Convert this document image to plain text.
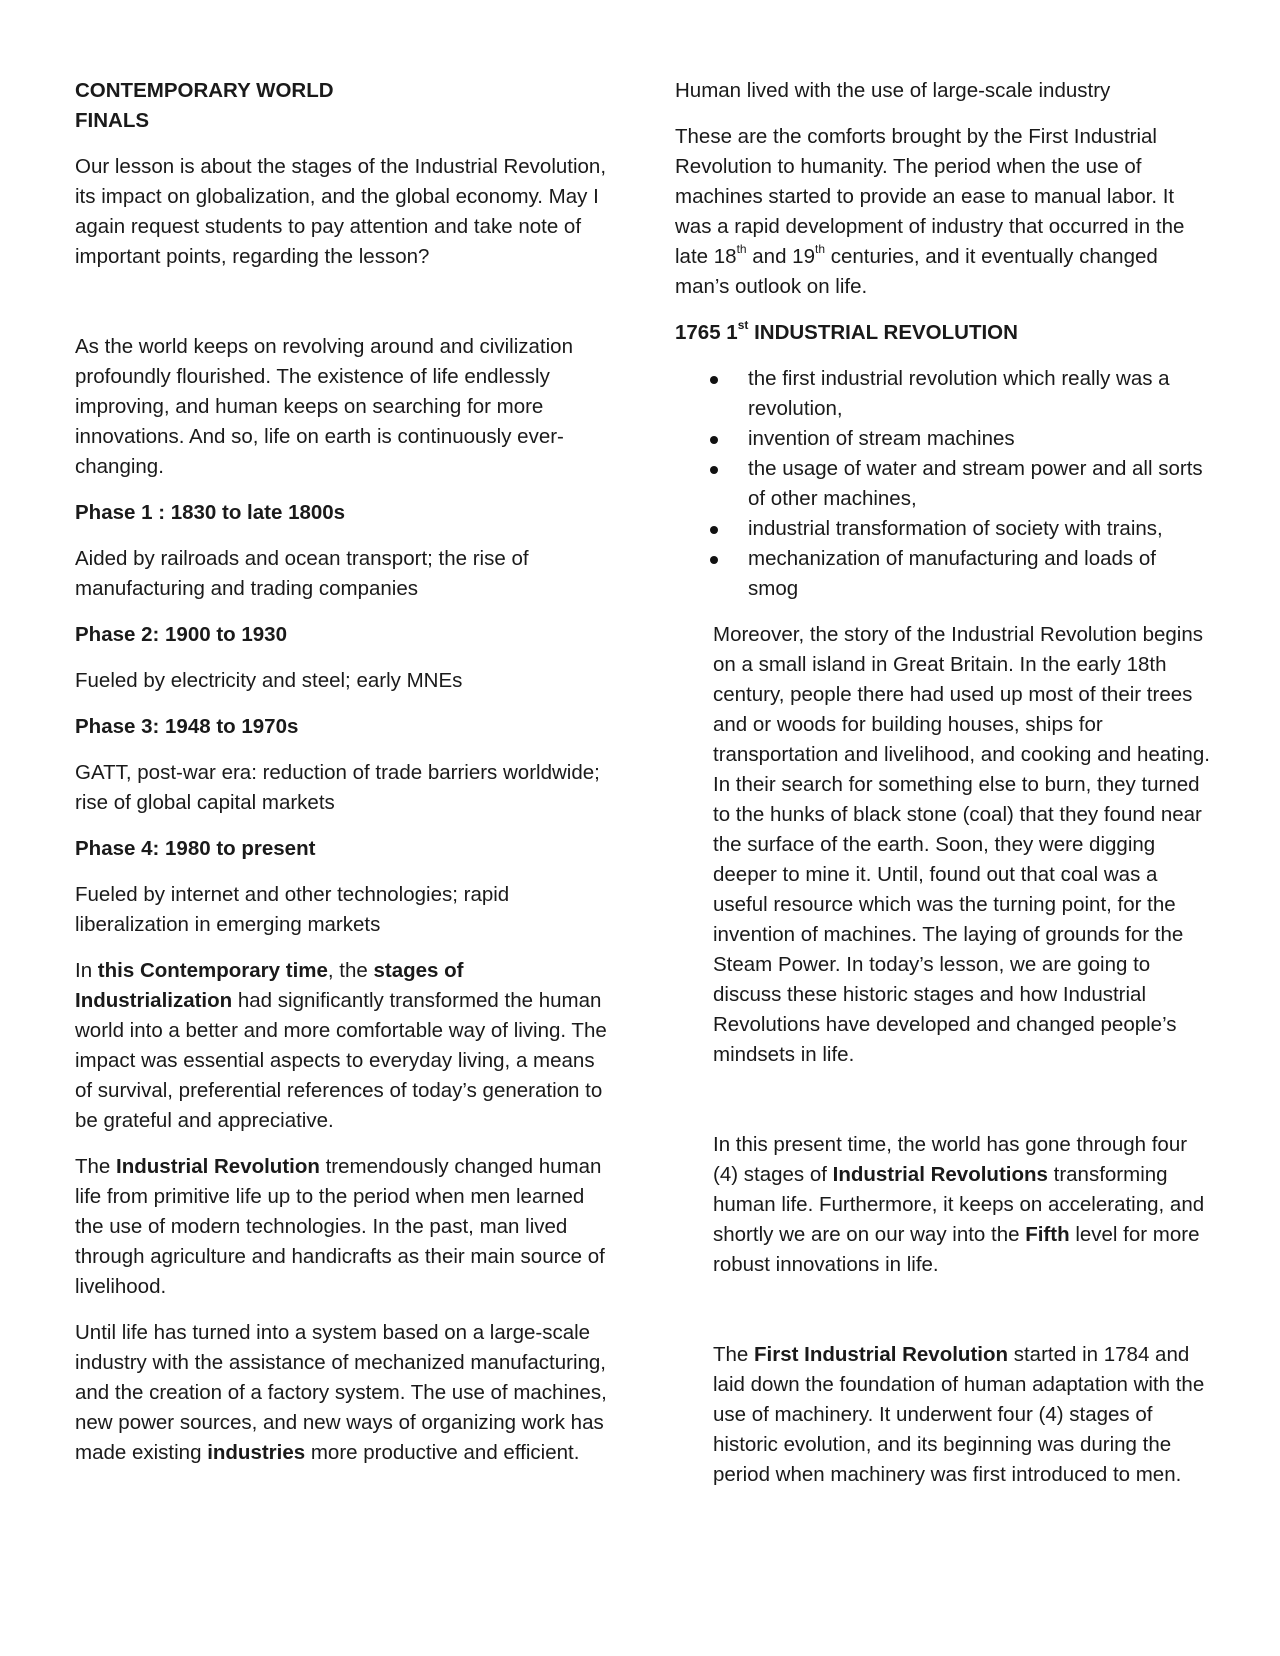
CONTEMPORARY WORLD

FINALS

Our lesson is about the stages of the Industrial Revolution, its impact on globalization, and the global economy. May I again request students to pay attention and take note of important points, regarding the lesson?

As the world keeps on revolving around and civilization profoundly flourished. The existence of life endlessly improving, and human keeps on searching for more innovations. And so, life on earth is continuously ever-changing.

Phase 1 : 1830 to late 1800s

Aided by railroads and ocean transport; the rise of manufacturing and trading companies

Phase 2: 1900 to 1930

Fueled by electricity and steel; early MNEs

Phase 3: 1948 to 1970s

GATT, post-war era: reduction of trade barriers worldwide; rise of global capital markets

Phase 4: 1980 to present

Fueled by internet and other technologies; rapid liberalization in emerging markets

In this Contemporary time, the stages of Industrialization had significantly transformed the human world into a better and more comfortable way of living. The impact was essential aspects to everyday living, a means of survival, preferential references of today’s generation to be grateful and appreciative.

The Industrial Revolution tremendously changed human life from primitive life up to the period when men learned the use of modern technologies. In the past, man lived through agriculture and handicrafts as their main source of livelihood.

Until life has turned into a system based on a large-scale industry with the assistance of mechanized manufacturing, and the creation of a factory system. The use of machines, new power sources, and new ways of organizing work has made existing industries more productive and efficient.

Human lived with the use of large-scale industry

These are the comforts brought by the First Industrial Revolution to humanity. The period when the use of machines started to provide an ease to manual labor. It was a rapid development of industry that occurred in the late 18th and 19th centuries, and it eventually changed man’s outlook on life.

1765 1st INDUSTRIAL REVOLUTION

the first industrial revolution which really was a revolution,
invention of stream machines
the usage of water and stream power and all sorts of other machines,
industrial transformation of society with trains,
mechanization of manufacturing and loads of smog

Moreover, the story of the Industrial Revolution begins on a small island in Great Britain. In the early 18th century, people there had used up most of their trees and or woods for building houses, ships for transportation and livelihood, and cooking and heating. In their search for something else to burn, they turned to the hunks of black stone (coal) that they found near the surface of the earth. Soon, they were digging deeper to mine it. Until, found out that coal was a useful resource which was the turning point, for the invention of machines. The laying of grounds for the Steam Power. In today’s lesson, we are going to discuss these historic stages and how Industrial Revolutions have developed and changed people’s mindsets in life.

In this present time, the world has gone through four (4) stages of Industrial Revolutions transforming human life. Furthermore, it keeps on accelerating, and shortly we are on our way into the Fifth level for more robust innovations in life.

The First Industrial Revolution started in 1784 and laid down the foundation of human adaptation with the use of machinery. It underwent four (4) stages of historic evolution, and its beginning was during the period when machinery was first introduced to men.
